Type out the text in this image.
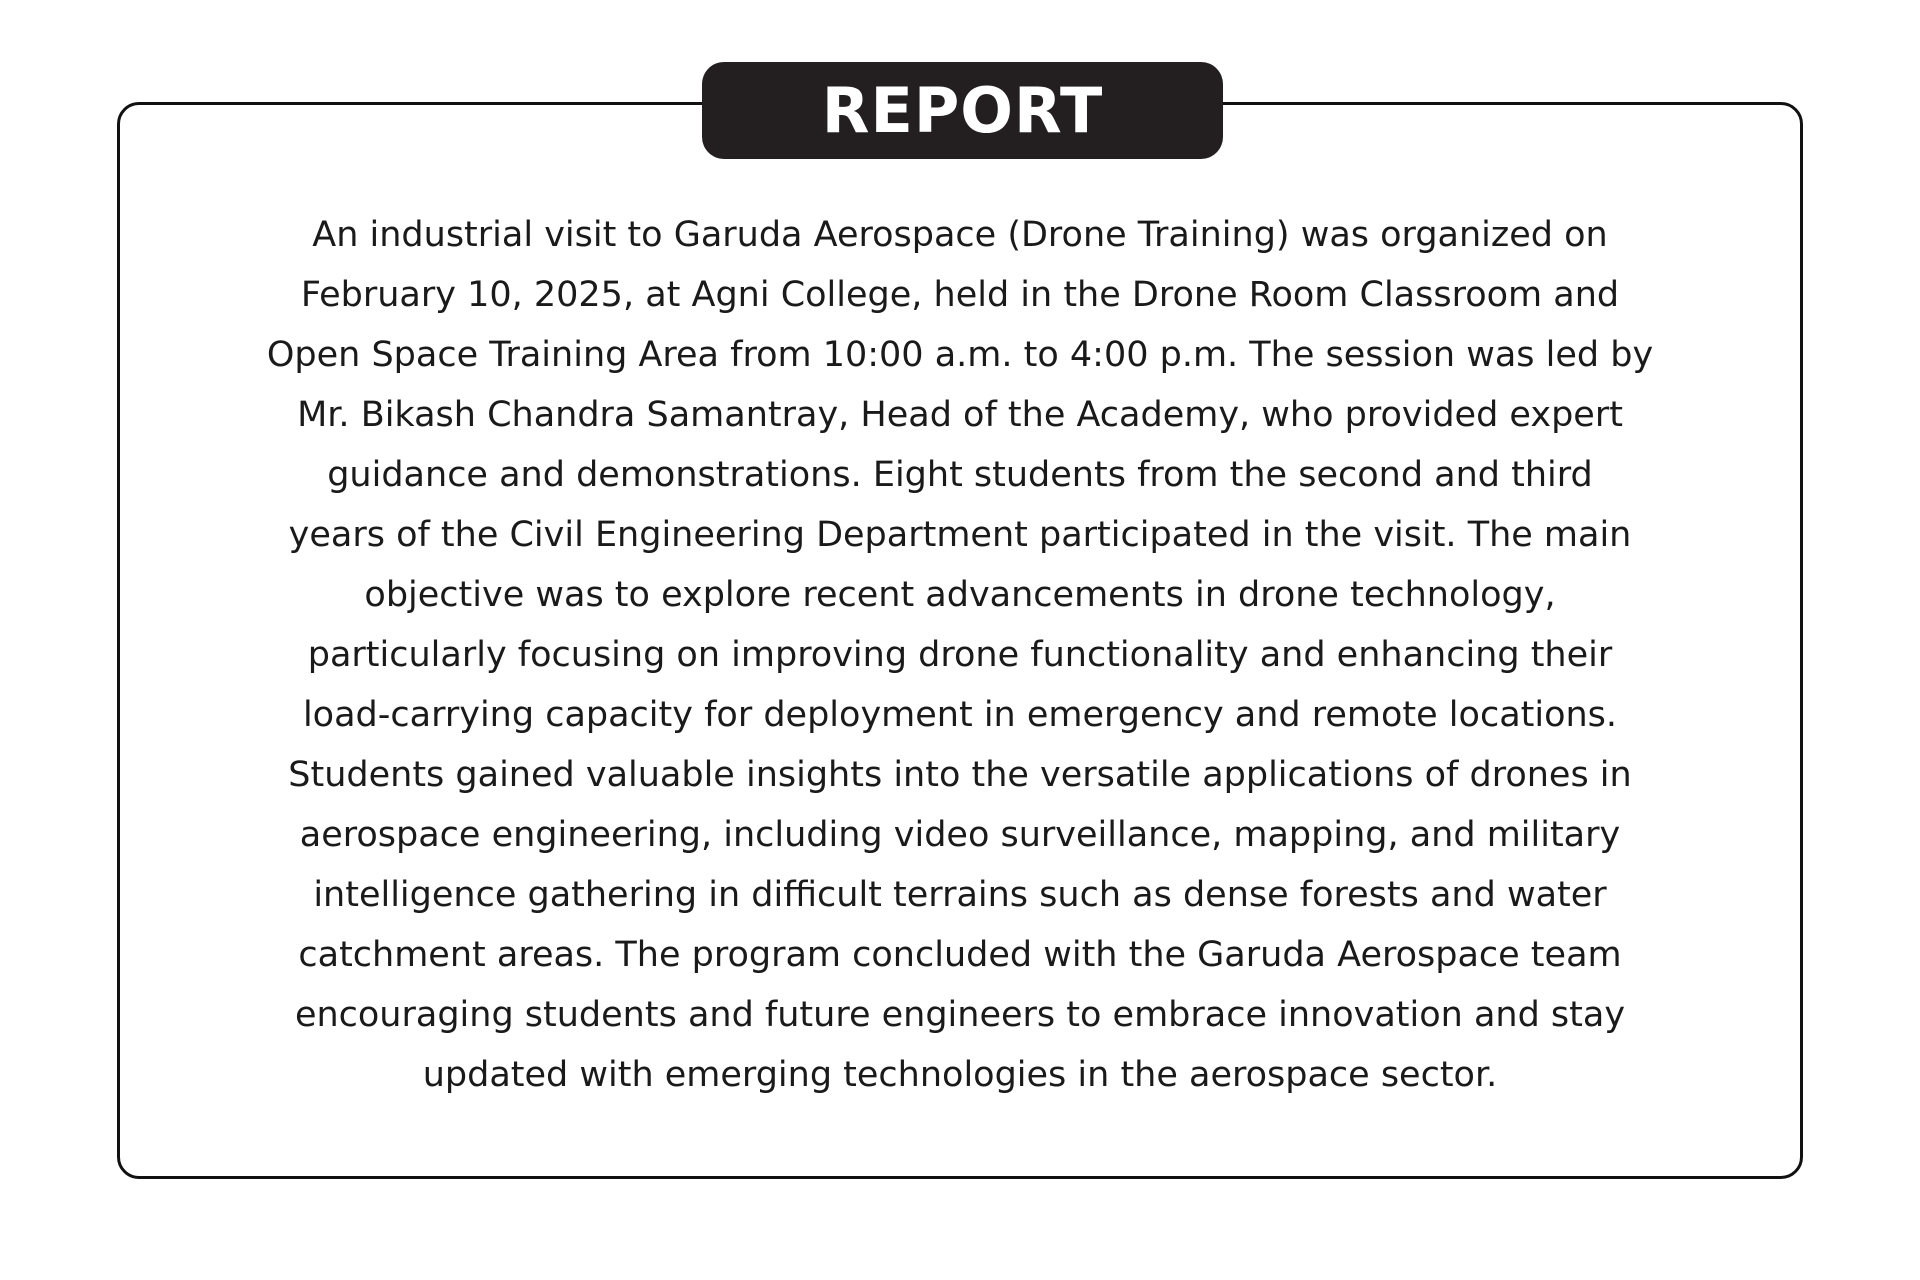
REPORT

An industrial visit to Garuda Aerospace (Drone Training) was organized on
February 10, 2025, at Agni College, held in the Drone Room Classroom and
Open Space Training Area from 10:00 a.m. to 4:00 p.m. The session was led by
Mr. Bikash Chandra Samantray, Head of the Academy, who provided expert
guidance and demonstrations. Eight students from the second and third
years of the Civil Engineering Department participated in the visit. The main
objective was to explore recent advancements in drone technology,
particularly focusing on improving drone functionality and enhancing their
load-carrying capacity for deployment in emergency and remote locations.
Students gained valuable insights into the versatile applications of drones in
aerospace engineering, including video surveillance, mapping, and military
intelligence gathering in difficult terrains such as dense forests and water
catchment areas. The program concluded with the Garuda Aerospace team
encouraging students and future engineers to embrace innovation and stay
updated with emerging technologies in the aerospace sector.
